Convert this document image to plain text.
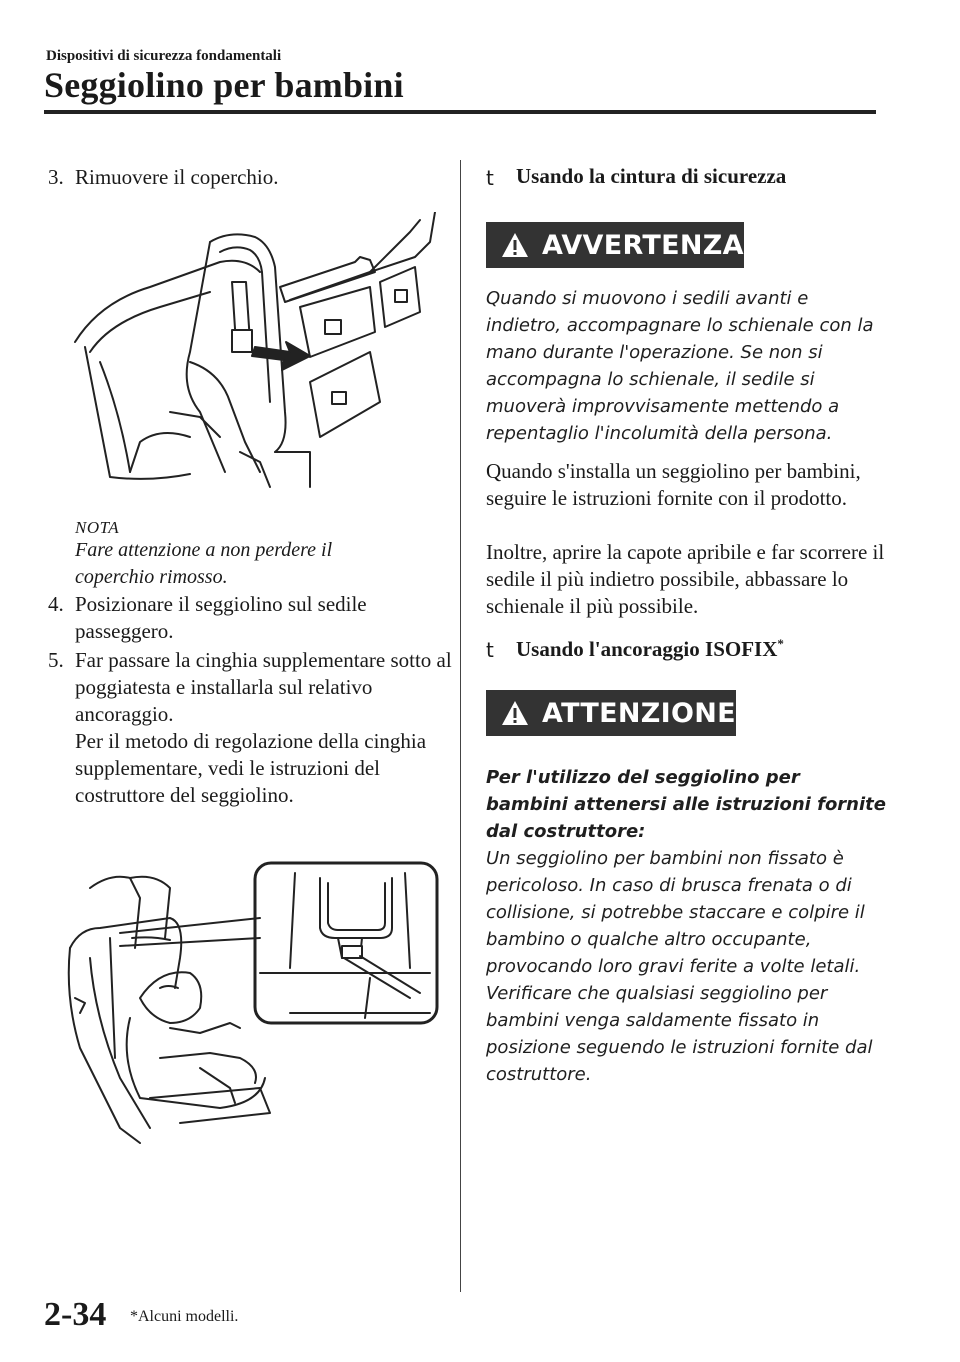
Dispositivi di sicurezza fondamentali
Seggiolino per bambini
3. Rimuovere il coperchio.
NOTA
Fare attenzione a non perdere il coperchio rimosso.
4. Posizionare il seggiolino sul sedile passeggero.
5. Far passare la cinghia supplementare sotto al poggiatesta e installarla sul relativo ancoraggio.
Per il metodo di regolazione della cinghia supplementare, vedi le istruzioni del costruttore del seggiolino.
t Usando la cintura di sicurezza
AVVERTENZA
Quando si muovono i sedili avanti e indietro, accompagnare lo schienale con la mano durante l'operazione. Se non si accompagna lo schienale, il sedile si muoverà improvvisamente mettendo a repentaglio l'incolumità della persona.
Quando s'installa un seggiolino per bambini, seguire le istruzioni fornite con il prodotto.
Inoltre, aprire la capote apribile e far scorrere il sedile il più indietro possibile, abbassare lo schienale il più possibile.
t Usando l'ancoraggio ISOFIX*
ATTENZIONE
Per l'utilizzo del seggiolino per bambini attenersi alle istruzioni fornite dal costruttore:
Un seggiolino per bambini non fissato è pericoloso. In caso di brusca frenata o di collisione, si potrebbe staccare e colpire il bambino o qualche altro occupante, provocando loro gravi ferite a volte letali. Verificare che qualsiasi seggiolino per bambini venga saldamente fissato in posizione seguendo le istruzioni fornite dal costruttore.
2-34 *Alcuni modelli.
